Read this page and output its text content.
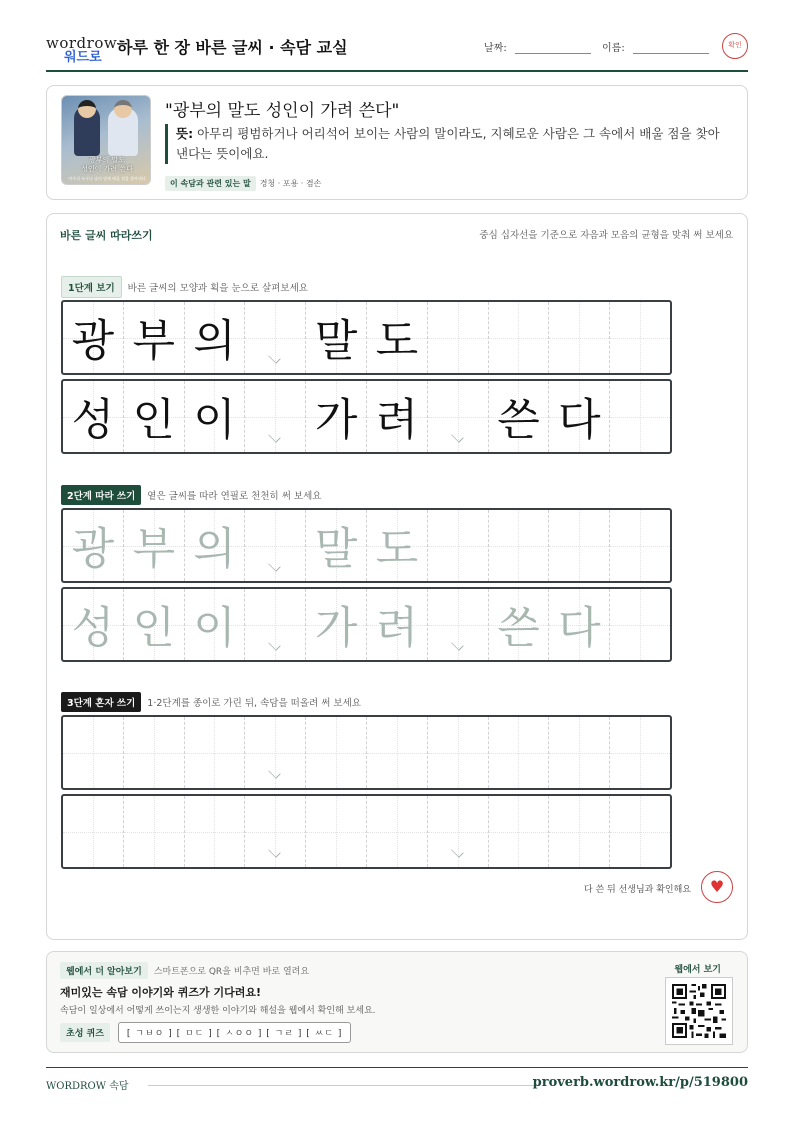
wordrow
워드로
하루 한 장 바른 글씨 · 속담 교실	날짜:	이름:	확인
광부의 말도
성인이 가려 쓴다
아무리 누구나 남의 말에 배울 점을 찾아낸다
"광부의 말도 성인이 가려 쓴다"
뜻: 아무리 평범하거나 어리석어 보이는 사람의 말이라도, 지혜로운 사람은 그 속에서 배울 점을 찾아낸다는 뜻이에요.
이 속담과 관련 있는 말 경청 · 포용 · 겸손
바른 글씨 따라쓰기	중심 십자선을 기준으로 자음과 모음의 균형을 맞춰 써 보세요
1단계 보기 바른 글씨의 모양과 획을 눈으로 살펴보세요
광 부 의 말 도
성 인 이 가 려 쓴 다
2단계 따라 쓰기 옅은 글씨를 따라 연필로 천천히 써 보세요
광 부 의 말 도
성 인 이 가 려 쓴 다
3단계 혼자 쓰기 1·2단계를 종이로 가린 뒤, 속담을 떠올려 써 보세요
다 쓴 뒤 선생님과 확인해요	♥
웹에서 더 알아보기 스마트폰으로 QR을 비추면 바로 열려요
재미있는 속담 이야기와 퀴즈가 기다려요!
속담이 일상에서 어떻게 쓰이는지 생생한 이야기와 해설을 웹에서 확인해 보세요.
초성 퀴즈	[ ㄱㅂㅇ ] [ ㅁㄷ ] [ ㅅㅇㅇ ] [ ㄱㄹ ] [ ㅆㄷ ]
웹에서 보기
WORDROW 속담	proverb.wordrow.kr/p/519800
